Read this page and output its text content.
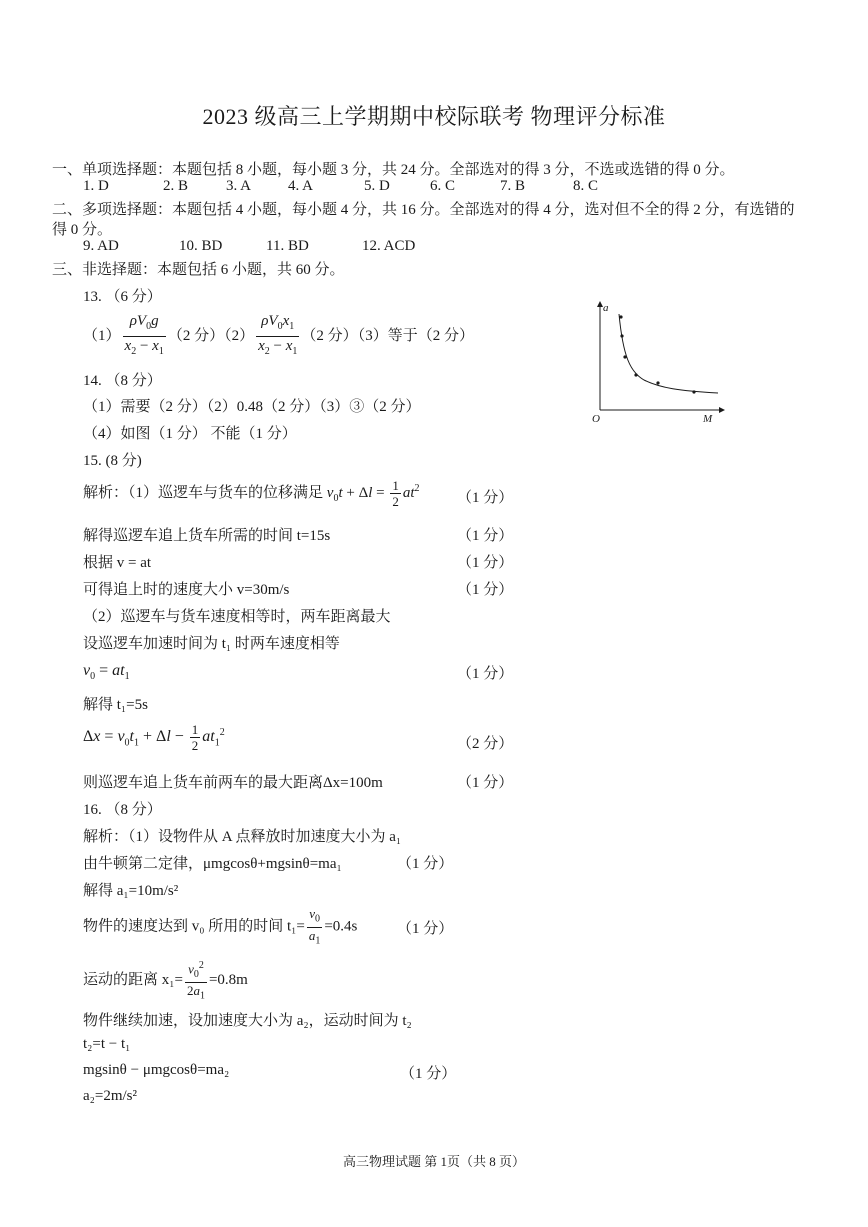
2023 级高三上学期期中校际联考 物理评分标准
一、单项选择题：本题包括 8 小题，每小题 3 分，共 24 分。全部选对的得 3 分，不选或选错的得 0 分。
1. D	2. B	3. A 4. A	5. D	6. C	7. B	8. C
二、多项选择题：本题包括 4 小题，每小题 4 分，共 16 分。全部选对的得 4 分，选对但不全的得 2 分，有选错的
得 0 分。
9. AD	10. BD	11. BD	12. ACD
三、非选择题：本题包括 6 小题，共 60 分。
13. （6 分）
$(1) \frac{\rho V_0g}{x_2 - x_1} (2$ 分）$(2) \frac{\rho V_0x_1}{x_2 - x_1} (2$ 分）（3）等于（2 分）
14. （8 分）
（1）需要（2 分）（2）0.48（2 分）（3）③（2 分）
（4）如图（1 分） 不能（1 分）
a
M
O
15. (8 分)
解析：（1）巡逻车与货车的位移满足 $v_0t + \Delta l = \frac{1}{2} at^2$
（1 分）
解得巡逻车追上货车所需的时间 t=15s	（1 分）
根据 v = at	（1 分）
可得追上时的速度大小 v=30m/s	（1 分）
（2）巡逻车与货车速度相等时，两车距离最大
设巡逻车加速时间为 t₁ 时两车速度相等
$v_0 = at_1$	（1 分）
解得 t₁=5s
$\Delta x = v_0t_1 + \Delta l - \frac{1}{2} at_1^2$
（2 分）
则巡逻车追上货车前两车的最大距离Δx=100m	（1 分）
16. （8 分）
解析：（1）设物件从 A 点释放时加速度大小为 a₁
由牛顿第二定律，μmgcosθ+mgsinθ=ma₁	（1 分）
解得 a₁=10m/s²
物件的速度达到 v₀ 所用的时间 $t_1= \frac{v_0}{a_1} =0.4s$	（1 分）
运动的距离 $x_1= \frac{v_0^2}{2a_1} =0.8m$
物件继续加速，设加速度大小为 a₂，运动时间为 t₂
t₂=t − t₁
mgsinθ − μmgcosθ=ma₂	（1 分）
a₂=2m/s²
高三物理试题 第 1页（共 8 页）
